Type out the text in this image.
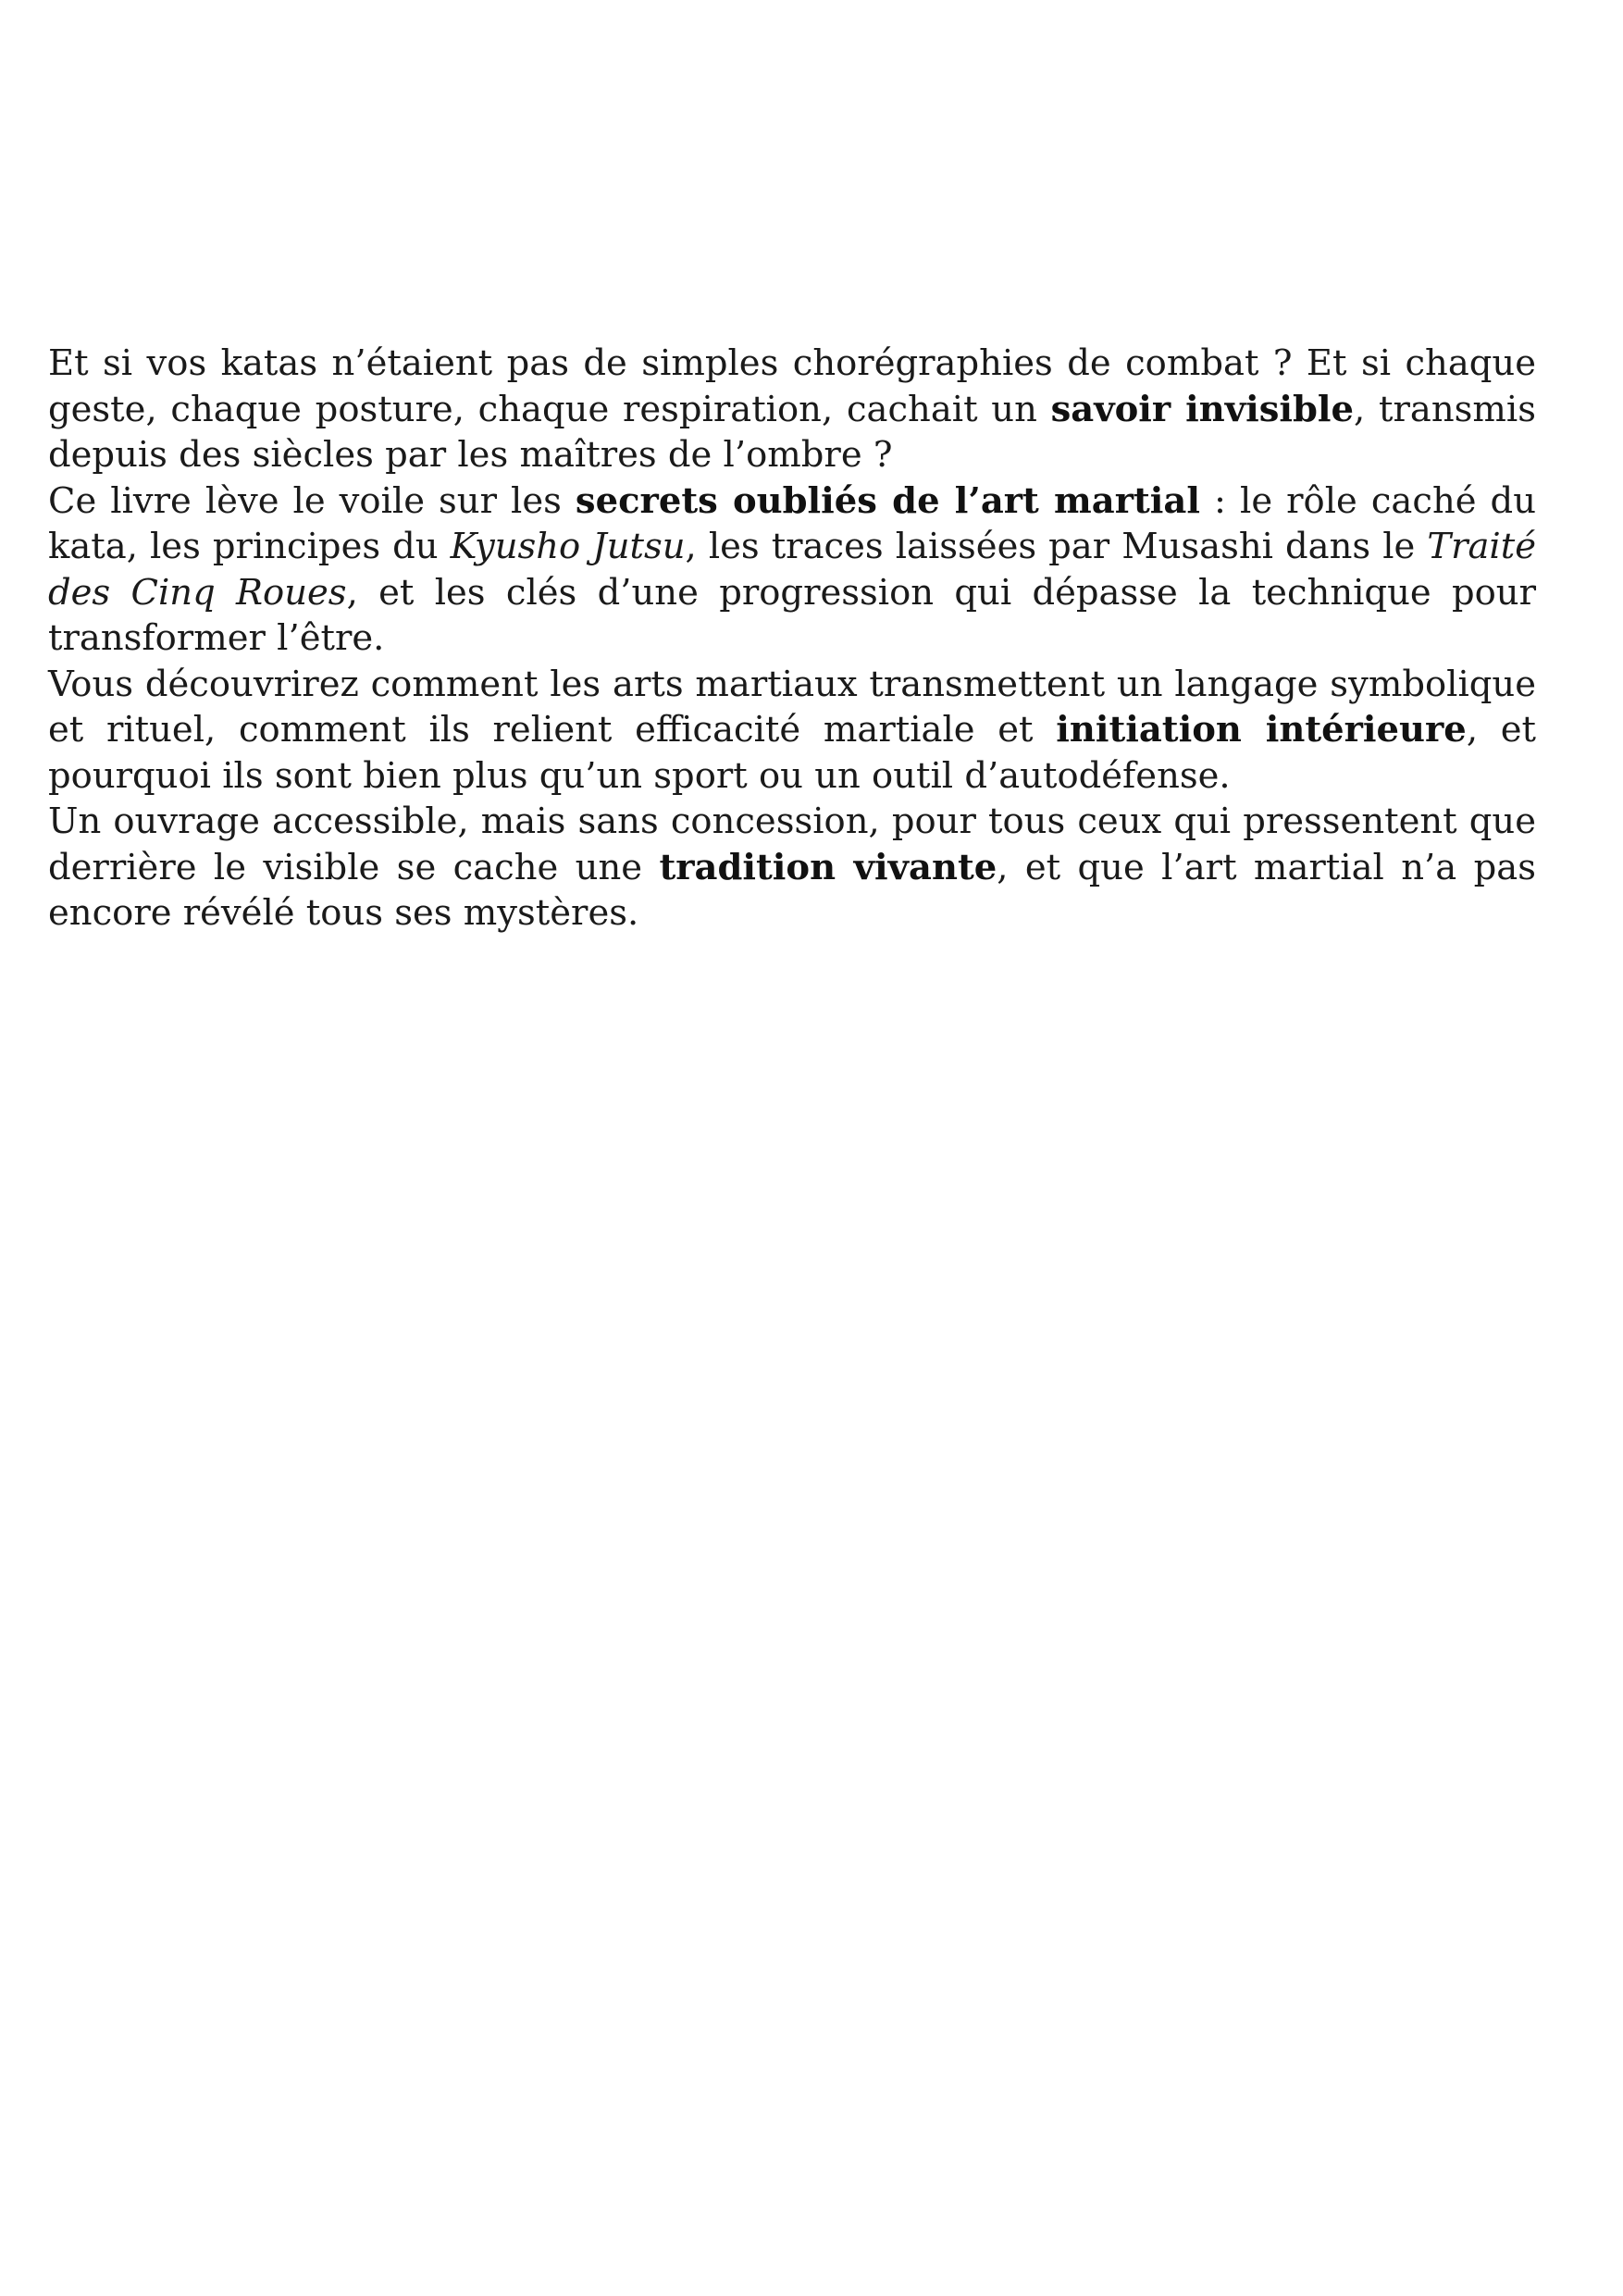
Et si vos katas n’étaient pas de simples chorégraphies de combat ? Et si chaque geste, chaque posture, chaque respiration, cachait un savoir invisible, transmis depuis des siècles par les maîtres de l’ombre ?

Ce livre lève le voile sur les secrets oubliés de l’art martial : le rôle caché du kata, les principes du Kyusho Jutsu, les traces laissées par Musashi dans le Traité des Cinq Roues, et les clés d’une progression qui dépasse la technique pour transformer l’être.

Vous découvrirez comment les arts martiaux transmettent un langage symbolique et rituel, comment ils relient efficacité martiale et initiation intérieure, et pourquoi ils sont bien plus qu’un sport ou un outil d’autodéfense.

Un ouvrage accessible, mais sans concession, pour tous ceux qui pressentent que derrière le visible se cache une tradition vivante, et que l’art martial n’a pas encore révélé tous ses mystères.
